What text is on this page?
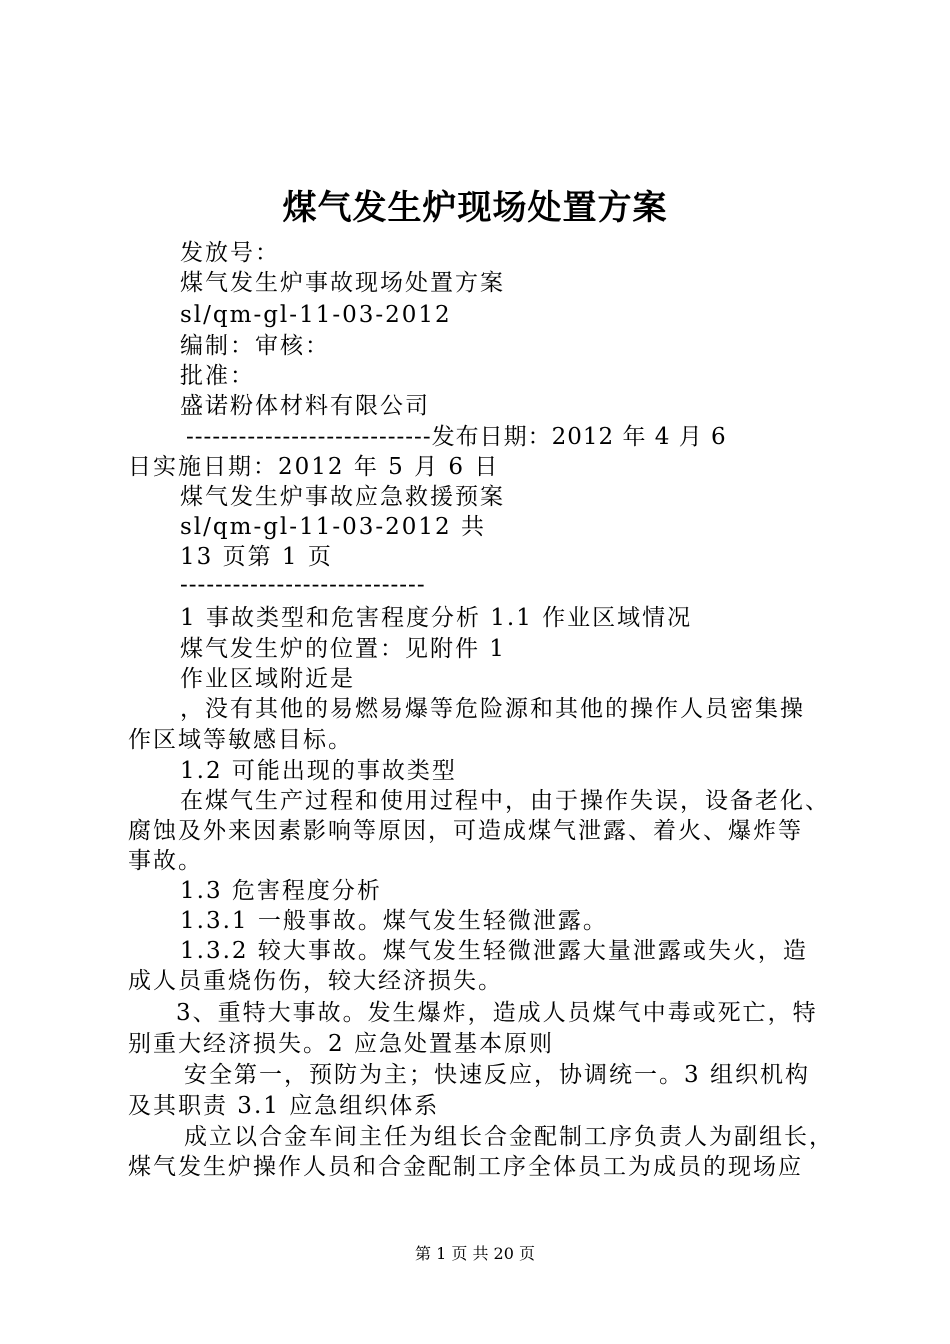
煤气发生炉现场处置方案
发放号：
煤气发生炉事故现场处置方案
sl/qm-gl-11-03-2012
编制：审核：
批准：
盛诺粉体材料有限公司
----------------------------发布日期：2012 年 4 月 6
日实施日期：2012 年 5 月 6 日
煤气发生炉事故应急救援预案
sl/qm-gl-11-03-2012 共
13 页第 1 页
----------------------------
1 事故类型和危害程度分析 1.1 作业区域情况
煤气发生炉的位置：见附件 1
作业区域附近是
，没有其他的易燃易爆等危险源和其他的操作人员密集操
作区域等敏感目标。
1.2 可能出现的事故类型
在煤气生产过程和使用过程中，由于操作失误，设备老化、
腐蚀及外来因素影响等原因，可造成煤气泄露、着火、爆炸等
事故。
1.3 危害程度分析
1.3.1 一般事故。煤气发生轻微泄露。
1.3.2 较大事故。煤气发生轻微泄露大量泄露或失火，造
成人员重烧伤伤，较大经济损失。
3、重特大事故。发生爆炸，造成人员煤气中毒或死亡，特
别重大经济损失。2 应急处置基本原则
安全第一，预防为主；快速反应，协调统一。3 组织机构
及其职责 3.1 应急组织体系
成立以合金车间主任为组长合金配制工序负责人为副组长，
煤气发生炉操作人员和合金配制工序全体员工为成员的现场应
第 1 页 共 20 页
